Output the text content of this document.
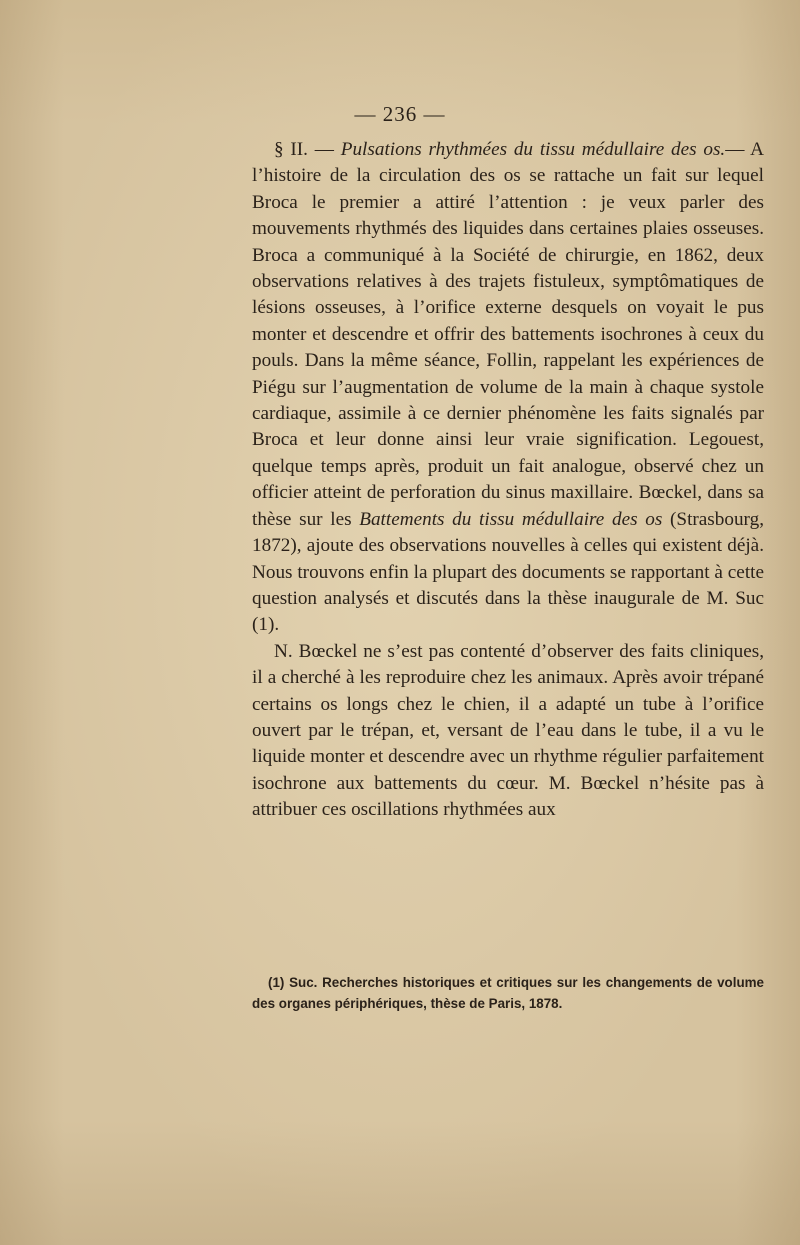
— 236 —

§ II. — Pulsations rhythmées du tissu médullaire des os.— A l’histoire de la circulation des os se rattache un fait sur lequel Broca le premier a attiré l’attention : je veux parler des mouvements rhythmés des liquides dans certaines plaies osseuses. Broca a communiqué à la Société de chirurgie, en 1862, deux observations relatives à des trajets fistuleux, symptômatiques de lésions osseuses, à l’orifice externe desquels on voyait le pus monter et descendre et offrir des battements isochrones à ceux du pouls. Dans la même séance, Follin, rappelant les expériences de Piégu sur l’augmentation de volume de la main à chaque systole cardiaque, assimile à ce dernier phénomène les faits signalés par Broca et leur donne ainsi leur vraie signification. Legouest, quelque temps après, produit un fait analogue, observé chez un officier atteint de perforation du sinus maxillaire. Bœckel, dans sa thèse sur les Battements du tissu médullaire des os (Strasbourg, 1872), ajoute des observations nouvelles à celles qui existent déjà. Nous trouvons enfin la plupart des documents se rapportant à cette question analysés et discutés dans la thèse inaugurale de M. Suc (1).

N. Bœckel ne s’est pas contenté d’observer des faits cliniques, il a cherché à les reproduire chez les animaux. Après avoir trépané certains os longs chez le chien, il a adapté un tube à l’orifice ouvert par le trépan, et, versant de l’eau dans le tube, il a vu le liquide monter et descendre avec un rhythme régulier parfaitement isochrone aux battements du cœur. M. Bœckel n’hésite pas à attribuer ces oscillations rhythmées aux

(1) Suc. Recherches historiques et critiques sur les changements de volume des organes périphériques, thèse de Paris, 1878.
